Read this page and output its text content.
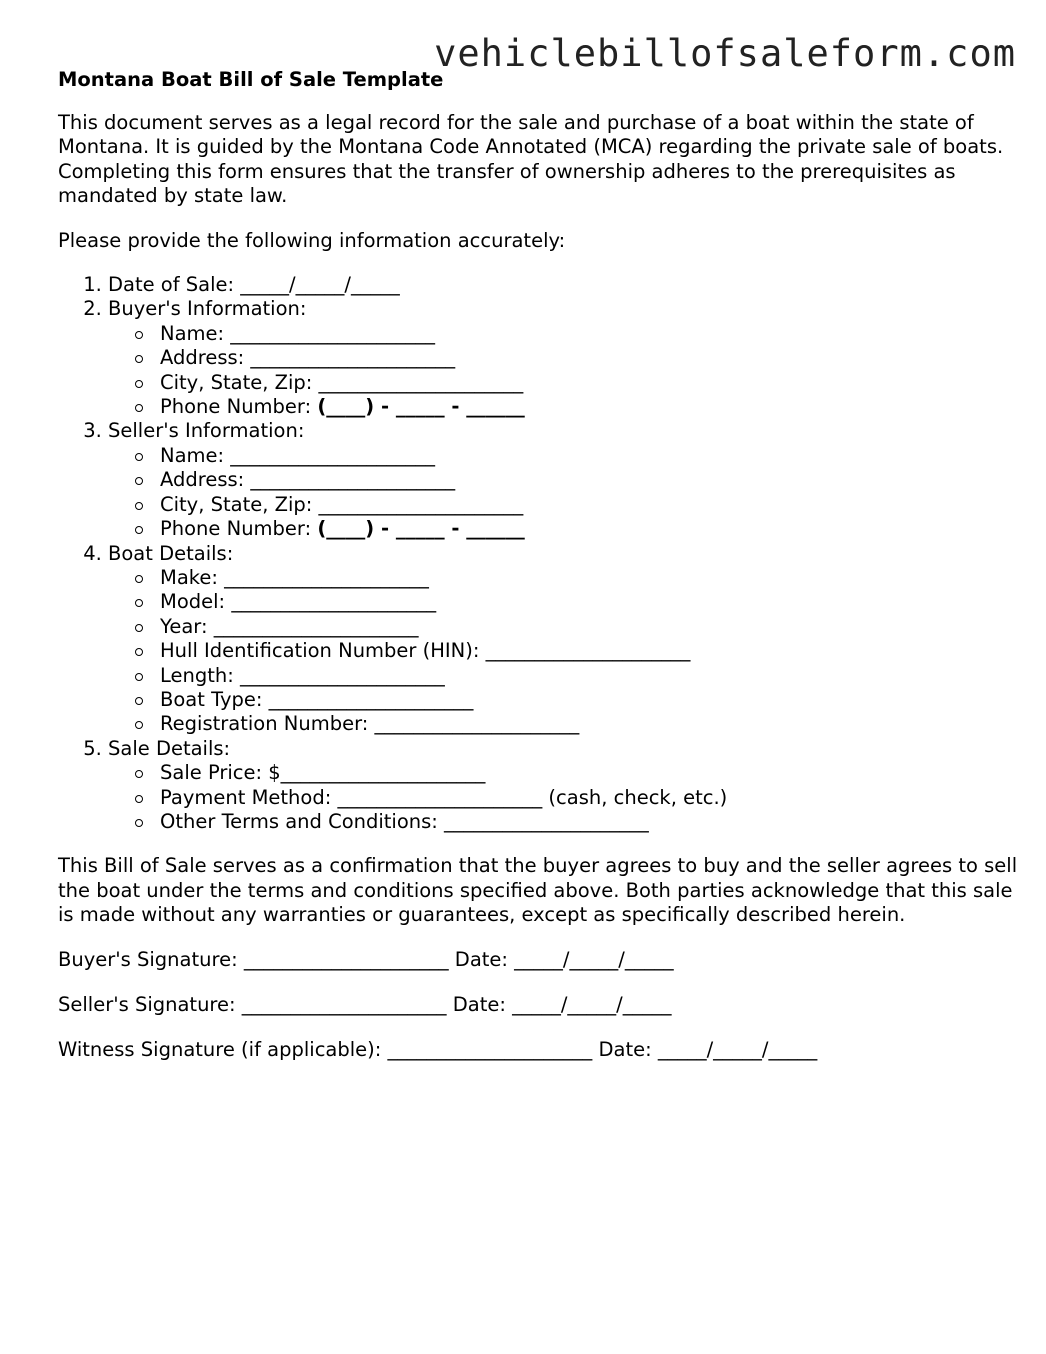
vehiclebillofsaleform.com
Montana Boat Bill of Sale Template

This document serves as a legal record for the sale and purchase of a boat within the state of Montana. It is guided by the Montana Code Annotated (MCA) regarding the private sale of boats. Completing this form ensures that the transfer of ownership adheres to the prerequisites as mandated by state law.

Please provide the following information accurately:

1. Date of Sale: _____/_____/_____
2. Buyer's Information:
Name: _____________________
Address: _____________________
City, State, Zip: _____________________
Phone Number: (____) - _____ - ______
3. Seller's Information:
Name: _____________________
Address: _____________________
City, State, Zip: _____________________
Phone Number: (____) - _____ - ______
4. Boat Details:
Make: _____________________
Model: _____________________
Year: _____________________
Hull Identification Number (HIN): _____________________
Length: _____________________
Boat Type: _____________________
Registration Number: _____________________
5. Sale Details:
Sale Price: $_____________________
Payment Method: _____________________ (cash, check, etc.)
Other Terms and Conditions: _____________________

This Bill of Sale serves as a confirmation that the buyer agrees to buy and the seller agrees to sell the boat under the terms and conditions specified above. Both parties acknowledge that this sale is made without any warranties or guarantees, except as specifically described herein.

Buyer's Signature: _____________________ Date: _____/_____/_____
Seller's Signature: _____________________ Date: _____/_____/_____
Witness Signature (if applicable): _____________________ Date: _____/_____/_____
